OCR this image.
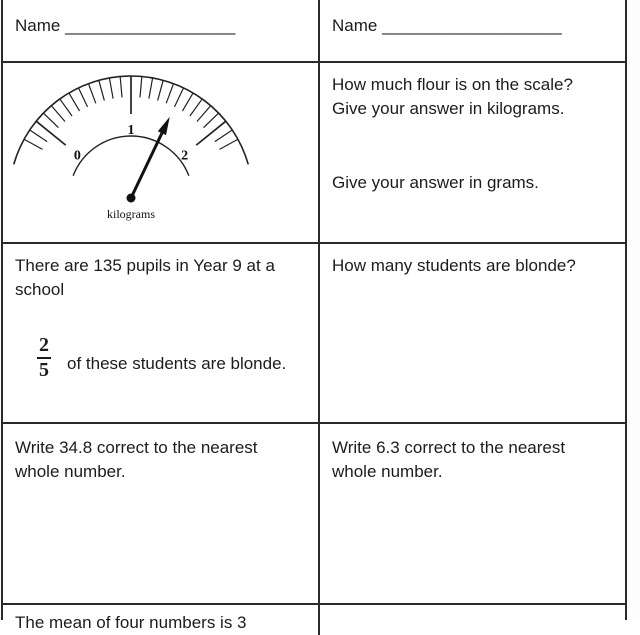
Name __________________	Name ___________________
0
1
2
kilograms
How much flour is on the scale?
Give your answer in kilograms.
Give your answer in grams.
There are 135 pupils in Year 9 at a school
$\frac{2}{5}$ of these students are blonde.
How many students are blonde?
Write 34.8 correct to the nearest whole number.
Write 6.3 correct to the nearest whole number.
The mean of four numbers is 3
